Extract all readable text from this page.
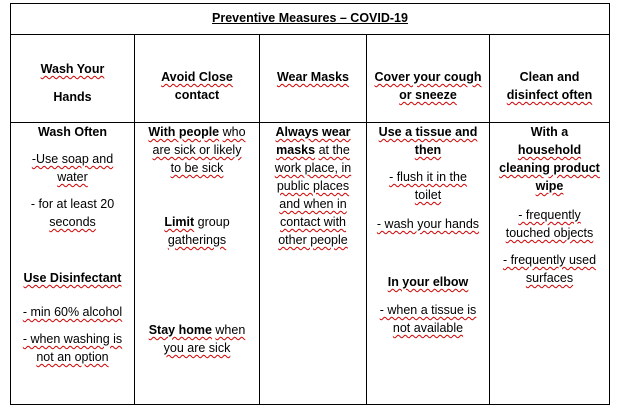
Preventive Measures – COVID-19
Wash Your
Hands
Wash Often
-Use soap and
water
- for at least 20
seconds
Use Disinfectant
- min 60% alcohol
- when washing is
not an option
Avoid Close
contact
With people who
are sick or likely
to be sick
Limit group
gatherings
Stay home when
you are sick
Wear Masks
Always wear
masks at the
work place, in
public places
and when in
contact with
other people
Cover your cough
or sneeze
Use a tissue and
then
- flush it in the
toilet
- wash your hands
In your elbow
- when a tissue is
not available
Clean and
disinfect often
With a
household
cleaning product
wipe
- frequently
touched objects
- frequently used
surfaces
